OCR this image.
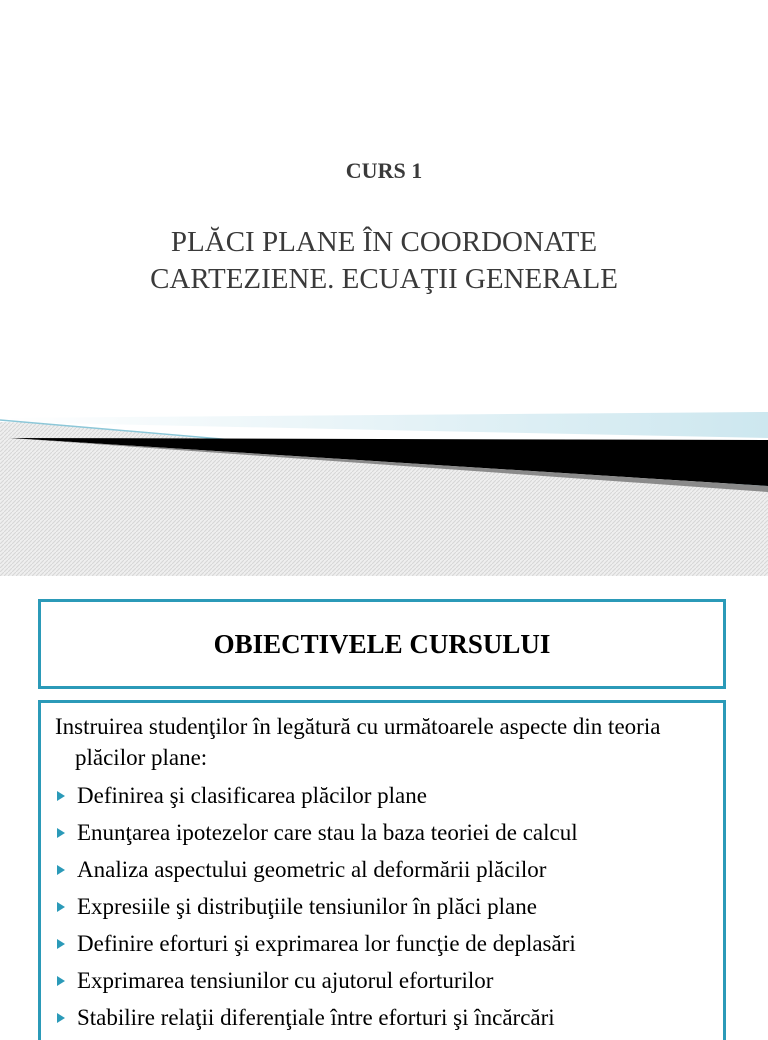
CURS 1
PLĂCI PLANE ÎN COORDONATE
CARTEZIENE. ECUAŢII GENERALE
OBIECTIVELE CURSULUI

Instruirea studenţilor în legătură cu următoarele aspecte din teoria plăcilor plane:

Definirea şi clasificarea plăcilor plane
Enunţarea ipotezelor care stau la baza teoriei de calcul
Analiza aspectului geometric al deformării plăcilor
Expresiile şi distribuţiile tensiunilor în plăci plane
Definire eforturi şi exprimarea lor funcţie de deplasări
Exprimarea tensiunilor cu ajutorul eforturilor
Stabilire relaţii diferenţiale între eforturi şi încărcări
